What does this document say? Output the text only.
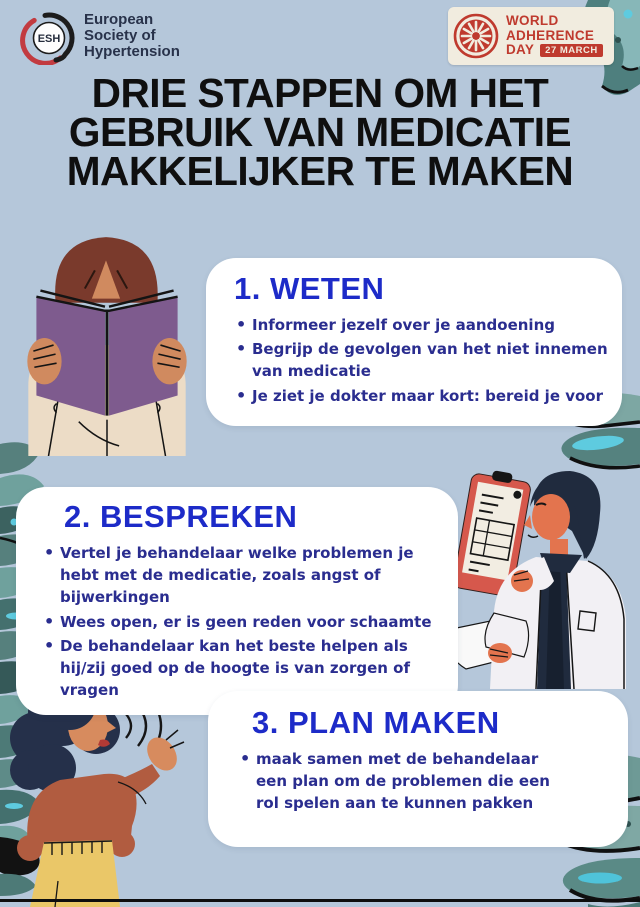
ESH
European
Society of
Hypertension
WORLD
ADHERENCE
DAY	27 MARCH
DRIE STAPPEN OM HET
GEBRUIK VAN MEDICATIE
MAKKELIJKER TE MAKEN
1. WETEN
• Informeer jezelf over je aandoening
• Begrijp de gevolgen van het niet innemen van medicatie
• Je ziet je dokter maar kort: bereid je voor
2. BESPREKEN
• Vertel je behandelaar welke problemen je hebt met de medicatie, zoals angst of bijwerkingen
• Wees open, er is geen reden voor schaamte
• De behandelaar kan het beste helpen als hij/zij goed op de hoogte is van zorgen of vragen
3. PLAN MAKEN
• maak samen met de behandelaar een plan om de problemen die een rol spelen aan te kunnen pakken
